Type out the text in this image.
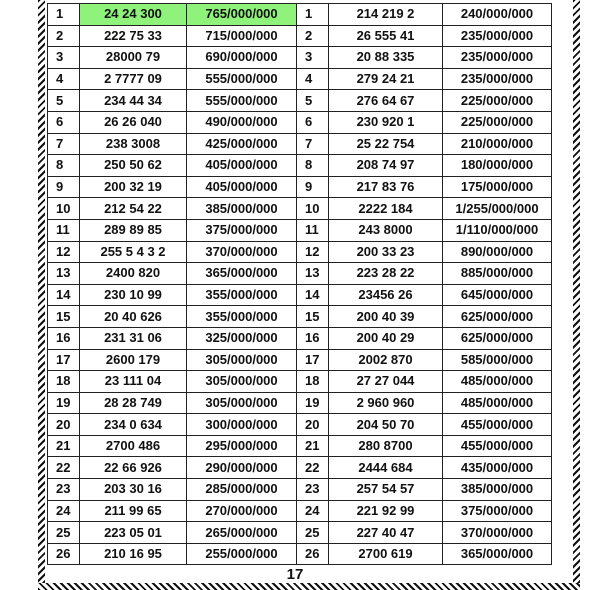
1	24 24 300	765/000/000	1	214 219 2	240/000/000
2	222 75 33	715/000/000	2	26 555 41	235/000/000
3	28000 79	690/000/000	3	20 88 335	235/000/000
4	2 7777 09	555/000/000	4	279 24 21	235/000/000
5	234 44 34	555/000/000	5	276 64 67	225/000/000
6	26 26 040	490/000/000	6	230 920 1	225/000/000
7	238 3008	425/000/000	7	25 22 754	210/000/000
8	250 50 62	405/000/000	8	208 74 97	180/000/000
9	200 32 19	405/000/000	9	217 83 76	175/000/000
10	212 54 22	385/000/000	10	2222 184	1/255/000/000
11	289 89 85	375/000/000	11	243 8000	1/110/000/000
12	255 5 4 3 2	370/000/000	12	200 33 23	890/000/000
13	2400 820	365/000/000	13	223 28 22	885/000/000
14	230 10 99	355/000/000	14	23456 26	645/000/000
15	20 40 626	355/000/000	15	200 40 39	625/000/000
16	231 31 06	325/000/000	16	200 40 29	625/000/000
17	2600 179	305/000/000	17	2002 870	585/000/000
18	23 111 04	305/000/000	18	27 27 044	485/000/000
19	28 28 749	305/000/000	19	2 960 960	485/000/000
20	234 0 634	300/000/000	20	204 50 70	455/000/000
21	2700 486	295/000/000	21	280 8700	455/000/000
22	22 66 926	290/000/000	22	2444 684	435/000/000
23	203 30 16	285/000/000	23	257 54 57	385/000/000
24	211 99 65	270/000/000	24	221 92 99	375/000/000
25	223 05 01	265/000/000	25	227 40 47	370/000/000
26	210 16 95	255/000/000	26	2700 619	365/000/000
17
